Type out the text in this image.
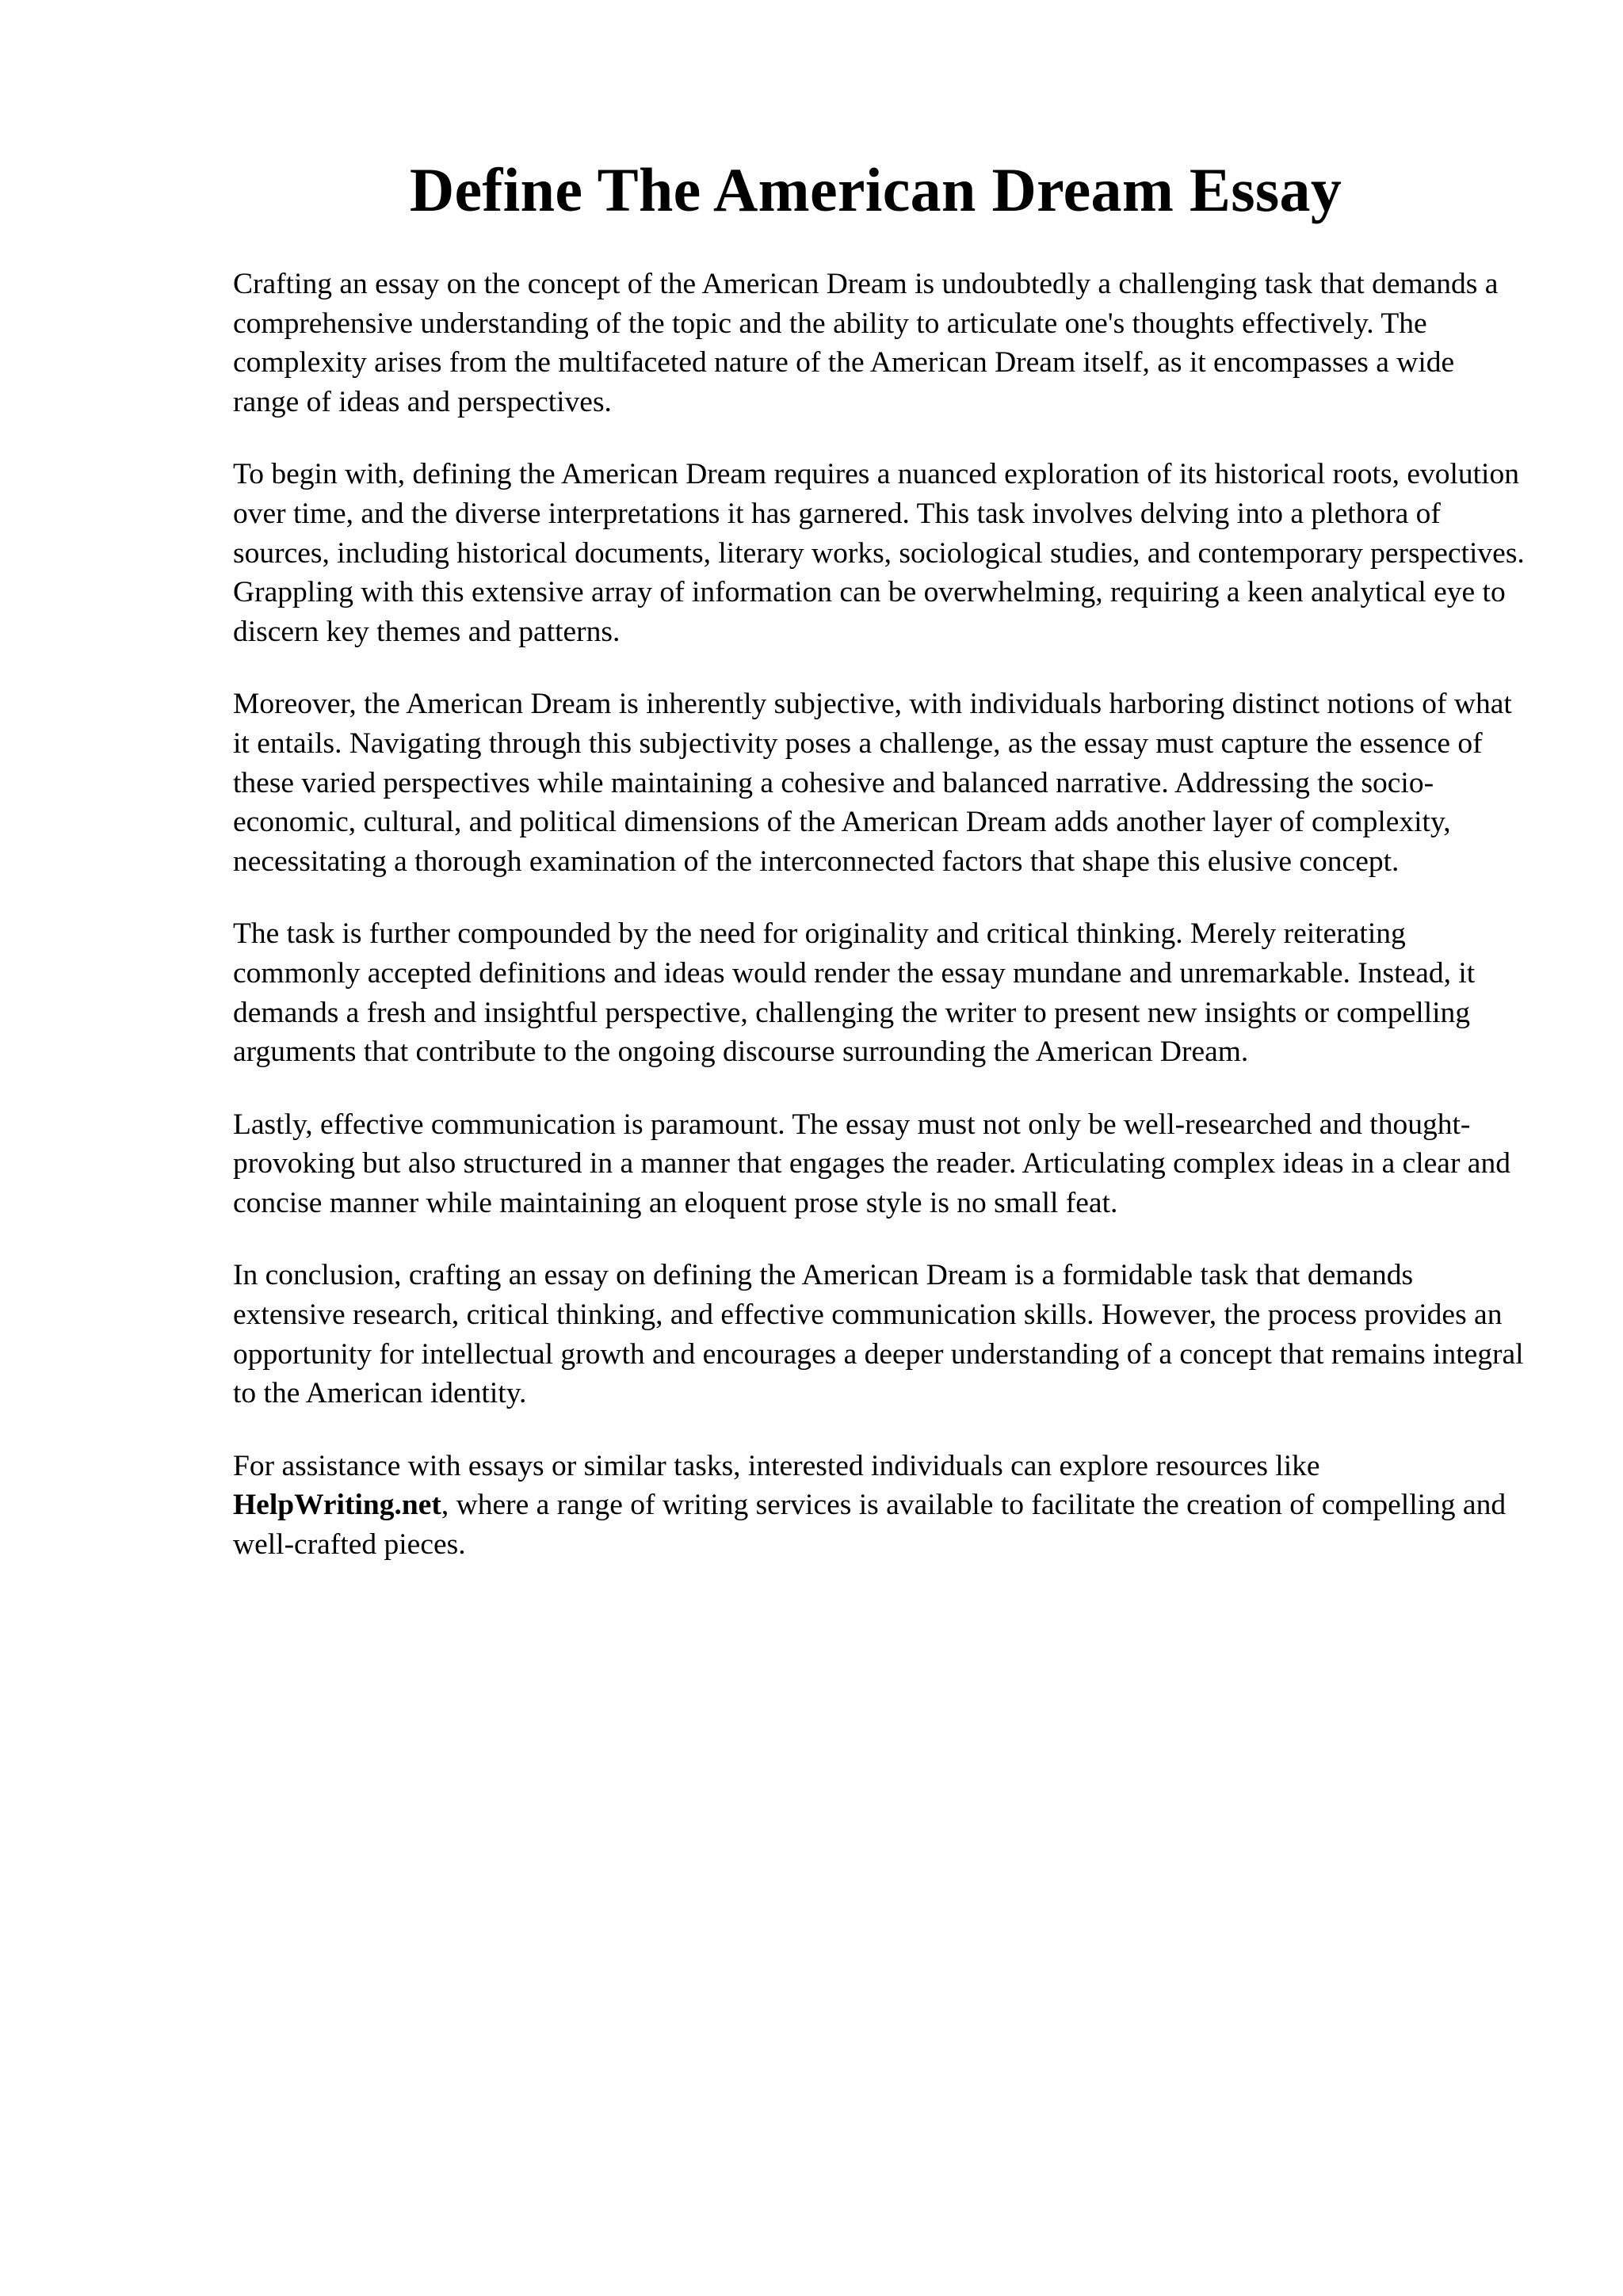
Define The American Dream Essay

Crafting an essay on the concept of the American Dream is undoubtedly a challenging task that demands a comprehensive understanding of the topic and the ability to articulate one's thoughts effectively. The complexity arises from the multifaceted nature of the American Dream itself, as it encompasses a wide range of ideas and perspectives.

To begin with, defining the American Dream requires a nuanced exploration of its historical roots, evolution over time, and the diverse interpretations it has garnered. This task involves delving into a plethora of sources, including historical documents, literary works, sociological studies, and contemporary perspectives. Grappling with this extensive array of information can be overwhelming, requiring a keen analytical eye to discern key themes and patterns.

Moreover, the American Dream is inherently subjective, with individuals harboring distinct notions of what it entails. Navigating through this subjectivity poses a challenge, as the essay must capture the essence of these varied perspectives while maintaining a cohesive and balanced narrative. Addressing the socio-economic, cultural, and political dimensions of the American Dream adds another layer of complexity, necessitating a thorough examination of the interconnected factors that shape this elusive concept.

The task is further compounded by the need for originality and critical thinking. Merely reiterating commonly accepted definitions and ideas would render the essay mundane and unremarkable. Instead, it demands a fresh and insightful perspective, challenging the writer to present new insights or compelling arguments that contribute to the ongoing discourse surrounding the American Dream.

Lastly, effective communication is paramount. The essay must not only be well-researched and thought-provoking but also structured in a manner that engages the reader. Articulating complex ideas in a clear and concise manner while maintaining an eloquent prose style is no small feat.

In conclusion, crafting an essay on defining the American Dream is a formidable task that demands extensive research, critical thinking, and effective communication skills. However, the process provides an opportunity for intellectual growth and encourages a deeper understanding of a concept that remains integral to the American identity.

For assistance with essays or similar tasks, interested individuals can explore resources like HelpWriting.net, where a range of writing services is available to facilitate the creation of compelling and well-crafted pieces.
